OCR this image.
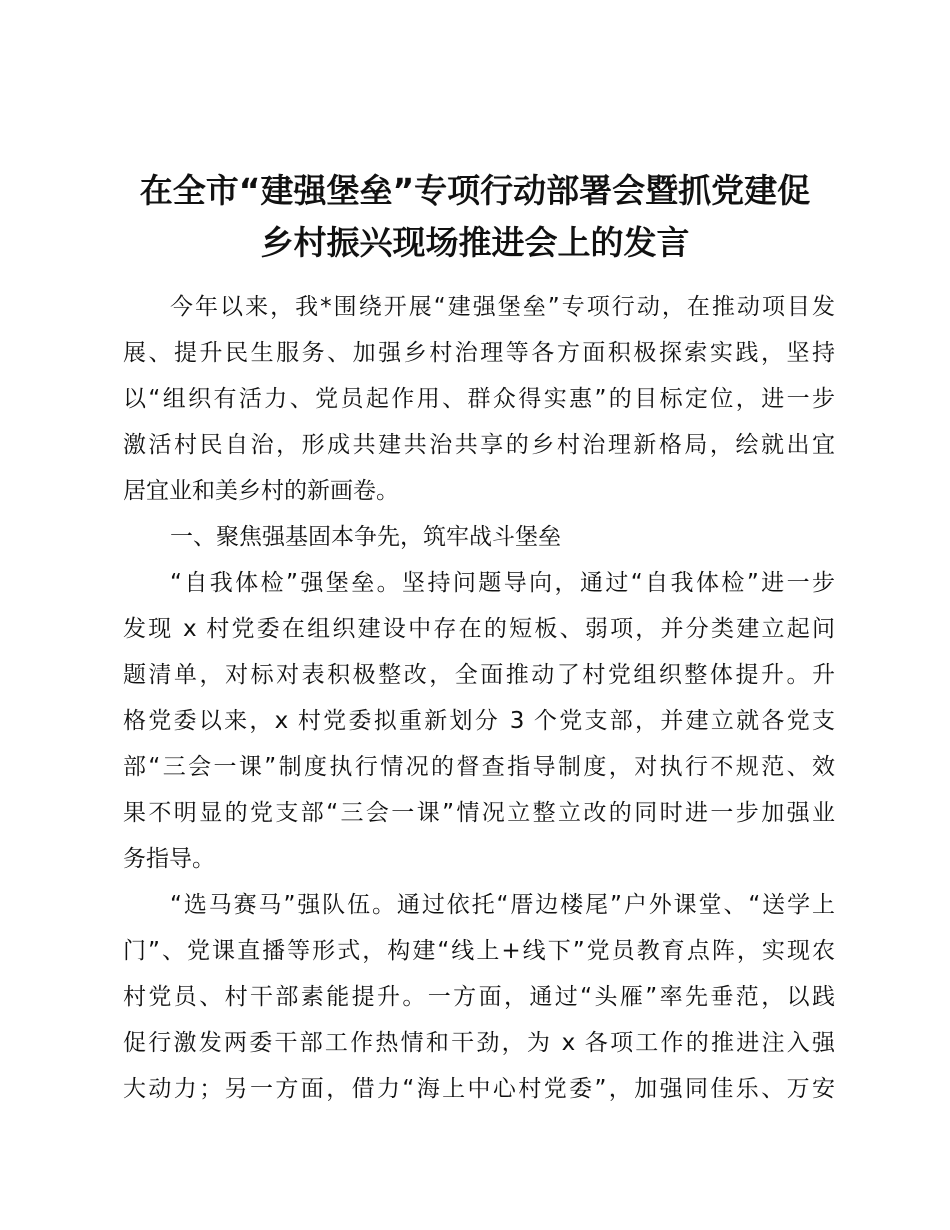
在全市“建强堡垒”专项行动部署会暨抓党建促
乡村振兴现场推进会上的发言
今年以来，我*围绕开展“建强堡垒”专项行动，在推动项目发
展、提升民生服务、加强乡村治理等各方面积极探索实践，坚持
以“组织有活力、党员起作用、群众得实惠”的目标定位，进一步
激活村民自治，形成共建共治共享的乡村治理新格局，绘就出宜
居宜业和美乡村的新画卷。
一、聚焦强基固本争先，筑牢战斗堡垒
“自我体检”强堡垒。坚持问题导向，通过“自我体检”进一步
发现 x 村党委在组织建设中存在的短板、弱项，并分类建立起问
题清单，对标对表积极整改，全面推动了村党组织整体提升。升
格党委以来，x 村党委拟重新划分 3 个党支部，并建立就各党支
部“三会一课”制度执行情况的督查指导制度，对执行不规范、效
果不明显的党支部“三会一课”情况立整立改的同时进一步加强业
务指导。
“选马赛马”强队伍。通过依托“厝边楼尾”户外课堂、“送学上
门”、党课直播等形式，构建“线上+线下”党员教育点阵，实现农
村党员、村干部素能提升。一方面，通过“头雁”率先垂范，以践
促行激发两委干部工作热情和干劲，为 x 各项工作的推进注入强
大动力；另一方面，借力“海上中心村党委”，加强同佳乐、万安
